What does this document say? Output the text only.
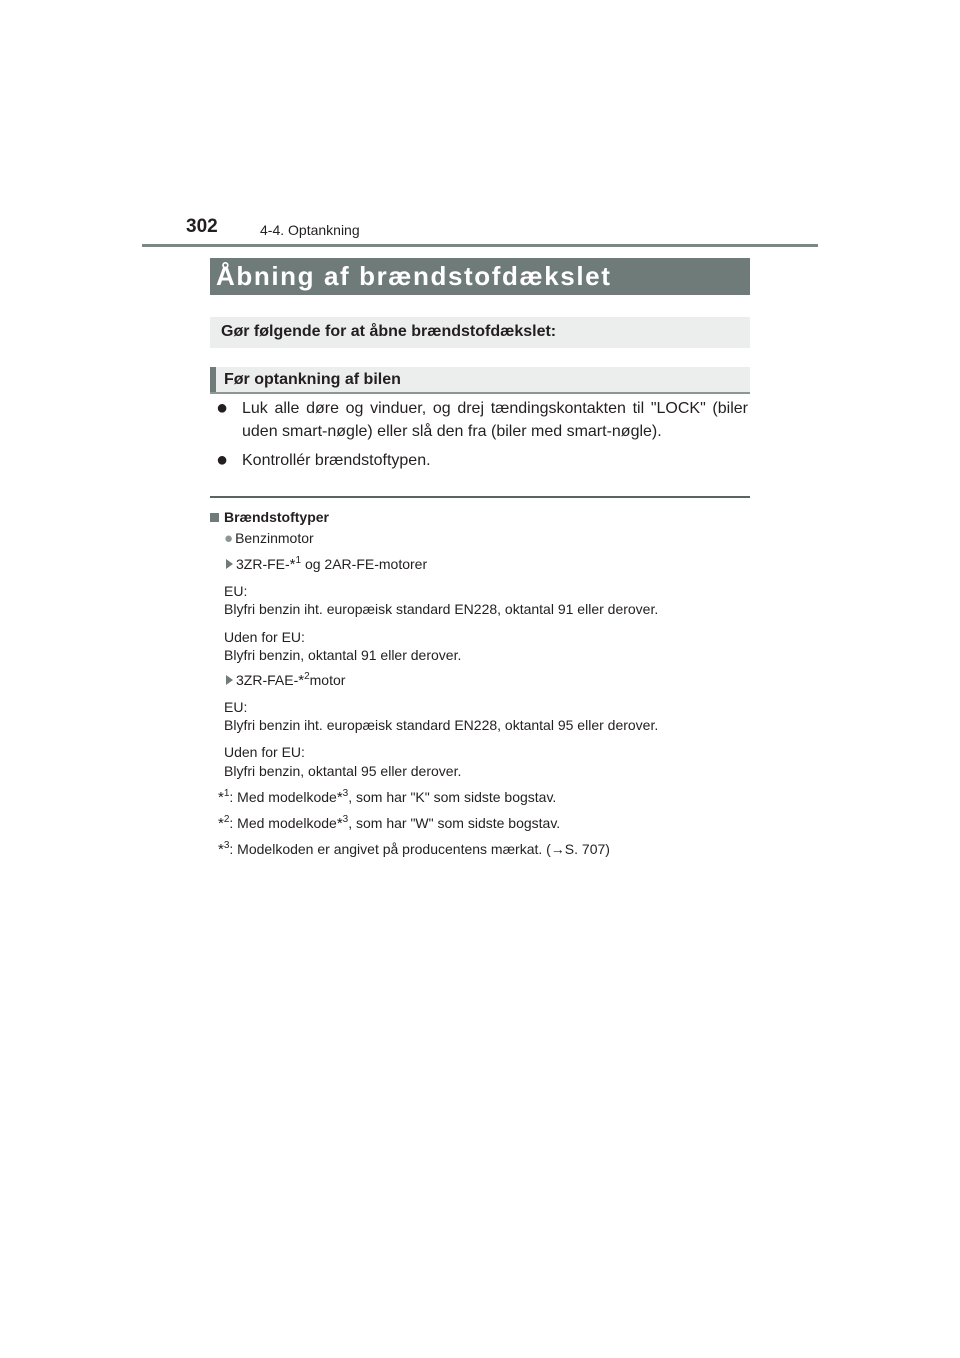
302	4-4. Optankning
Åbning af brændstofdækslet
Gør følgende for at åbne brændstofdækslet:
Før optankning af bilen
● Luk alle døre og vinduer, og drej tændingskontakten til "LOCK" (biler uden smart-nøgle) eller slå den fra (biler med smart-nøgle).
● Kontrollér brændstoftypen.
Brændstoftyper
● Benzinmotor
3ZR-FE-*$^1$ og 2AR-FE-motorer
EU:
Blyfri benzin iht. europæisk standard EN228, oktantal 91 eller derover.
Uden for EU:
Blyfri benzin, oktantal 91 eller derover.
3ZR-FAE-*$^2$motor
EU:
Blyfri benzin iht. europæisk standard EN228, oktantal 95 eller derover.
Uden for EU:
Blyfri benzin, oktantal 95 eller derover.
*$^1$: Med modelkode*$^3$, som har "K" som sidste bogstav.
*$^2$: Med modelkode*$^3$, som har "W" som sidste bogstav.
*$^3$: Modelkoden er angivet på producentens mærkat. (→S. 707)
